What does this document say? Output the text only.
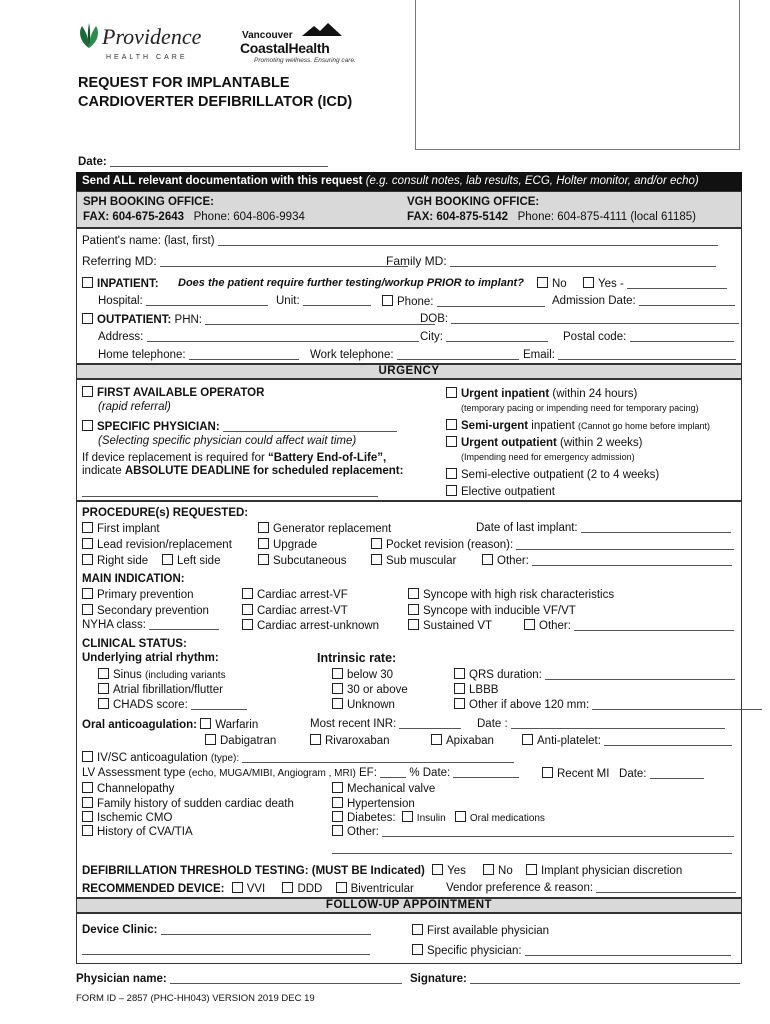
Providence
HEALTH CARE
Vancouver
CoastalHealth
Promoting wellness. Ensuring care.
REQUEST FOR IMPLANTABLE
CARDIOVERTER DEFIBRILLATOR (ICD)
Date:
Send ALL relevant documentation with this request (e.g. consult notes, lab results, ECG, Holter monitor, and/or echo)
SPH BOOKING OFFICE:
FAX: 604-675-2643 Phone: 604-806-9934
VGH BOOKING OFFICE:
FAX: 604-875-5142 Phone: 604-875-4111 (local 61185)
Patient's name: (last, first)
Referring MD:	Family MD:
INPATIENT: Does the patient require further testing/workup PRIOR to implant?	No	Yes -
Hospital:	Unit:	Phone:	Admission Date:
OUTPATIENT: PHN:	DOB:
Address:	City:	Postal code:
Home telephone:	Work telephone:	Email:
URGENCY
FIRST AVAILABLE OPERATOR
(rapid referral)
SPECIFIC PHYSICIAN:
(Selecting specific physician could affect wait time)
If device replacement is required for “Battery End-of-Life”,
indicate ABSOLUTE DEADLINE for scheduled replacement:
Urgent inpatient (within 24 hours)
(temporary pacing or impending need for temporary pacing)
Semi-urgent inpatient (Cannot go home before implant)
Urgent outpatient (within 2 weeks)
(Impending need for emergency admission)
Semi-elective outpatient (2 to 4 weeks)
Elective outpatient
PROCEDURE(s) REQUESTED:
First implant	Generator replacement	Date of last implant:
Lead revision/replacement	Upgrade	Pocket revision (reason):
Right side	Left side	Subcutaneous	Sub muscular	Other:
MAIN INDICATION:
Primary prevention	Cardiac arrest-VF	Syncope with high risk characteristics
Secondary prevention	Cardiac arrest-VT	Syncope with inducible VF/VT
NYHA class:	Cardiac arrest-unknown	Sustained VT	Other:
CLINICAL STATUS:
Underlying atrial rhythm:	Intrinsic rate:
Sinus (including variants	below 30	QRS duration:
Atrial fibrillation/flutter	30 or above	LBBB
CHADS score:	Unknown	Other if above 120 mm:
Oral anticoagulation: Warfarin	Most recent INR:	Date :
Dabigatran	Rivaroxaban	Apixaban	Anti-platelet:
IV/SC anticoagulation (type):
LV Assessment type (echo, MUGA/MIBI, Angiogram , MRI) EF:	% Date:	Recent MI Date:
Channelopathy	Mechanical valve
Family history of sudden cardiac death	Hypertension
Ischemic CMO	Diabetes: Insulin Oral medications
History of CVA/TIA	Other:
DEFIBRILLATION THRESHOLD TESTING: (MUST BE Indicated) Yes	No Implant physician discretion
RECOMMENDED DEVICE: VVI	DDD Biventricular	Vendor preference & reason:
FOLLOW-UP APPOINTMENT
Device Clinic:	First available physician
Specific physician:
Physician name:	Signature:
FORM ID – 2857 (PHC-HH043) VERSION 2019 DEC 19
